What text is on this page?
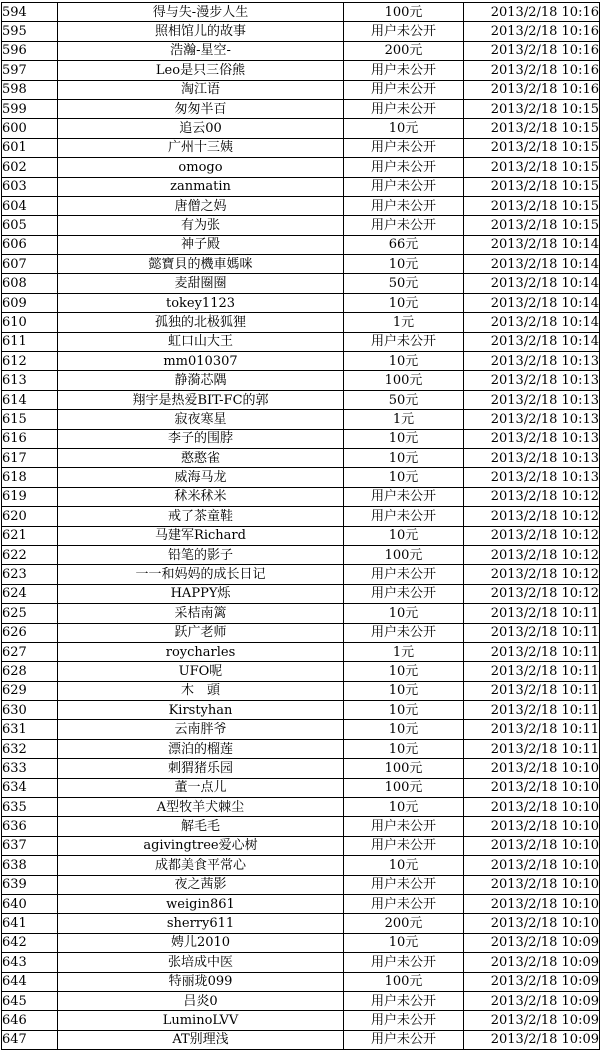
594	得与失-漫步人生	100元	2013/2/18 10:16
595	照相馆儿的故事	用户未公开	2013/2/18 10:16
596	浩瀚-星空-	200元	2013/2/18 10:16
597	Leo是只三俗熊	用户未公开	2013/2/18 10:16
598	淘江语	用户未公开	2013/2/18 10:16
599	匆匆半百	用户未公开	2013/2/18 10:15
600	追云00	10元	2013/2/18 10:15
601	广州十三姨	用户未公开	2013/2/18 10:15
602	omogo	用户未公开	2013/2/18 10:15
603	zanmatin	用户未公开	2013/2/18 10:15
604	唐僧之妈	用户未公开	2013/2/18 10:15
605	有为张	用户未公开	2013/2/18 10:15
606	神子殿	66元	2013/2/18 10:14
607	懿寶貝的機車媽咪	10元	2013/2/18 10:14
608	麦甜圈圈	50元	2013/2/18 10:14
609	tokey1123	10元	2013/2/18 10:14
610	孤独的北极狐狸	1元	2013/2/18 10:14
611	虹口山大王	用户未公开	2013/2/18 10:14
612	mm010307	10元	2013/2/18 10:13
613	静漪芯隅	100元	2013/2/18 10:13
614	翔宇是热爱BIT-FC的郭	50元	2013/2/18 10:13
615	寂夜寒星	1元	2013/2/18 10:13
616	李子的围脖	10元	2013/2/18 10:13
617	憨憨雀	10元	2013/2/18 10:13
618	威海马龙	10元	2013/2/18 10:13
619	秫米秫米	用户未公开	2013/2/18 10:12
620	戒了茶童鞋	用户未公开	2013/2/18 10:12
621	马建军Richard	10元	2013/2/18 10:12
622	铅笔的影子	100元	2013/2/18 10:12
623	一一和妈妈的成长日记	用户未公开	2013/2/18 10:12
624	HAPPY烁	用户未公开	2013/2/18 10:12
625	采桔南篱	10元	2013/2/18 10:11
626	跃广老师	用户未公开	2013/2/18 10:11
627	roycharles	1元	2013/2/18 10:11
628	UFO呢	10元	2013/2/18 10:11
629	木　頭	10元	2013/2/18 10:11
630	Kirstyhan	10元	2013/2/18 10:11
631	云南胖爷	10元	2013/2/18 10:11
632	漂泊的榴莲	10元	2013/2/18 10:11
633	刺猬猪乐园	100元	2013/2/18 10:10
634	董一点儿	100元	2013/2/18 10:10
635	A型牧羊犬棘尘	10元	2013/2/18 10:10
636	解毛毛	用户未公开	2013/2/18 10:10
637	agivingtree爱心树	用户未公开	2013/2/18 10:10
638	成都美食平常心	10元	2013/2/18 10:10
639	夜之茜影	用户未公开	2013/2/18 10:10
640	weigin861	用户未公开	2013/2/18 10:10
641	sherry611	200元	2013/2/18 10:10
642	娉儿2010	10元	2013/2/18 10:09
643	张培成中医	用户未公开	2013/2/18 10:09
644	特丽珑099	100元	2013/2/18 10:09
645	吕炎0	用户未公开	2013/2/18 10:09
646	LuminoLVV	用户未公开	2013/2/18 10:09
647	AT别理浅	用户未公开	2013/2/18 10:09
